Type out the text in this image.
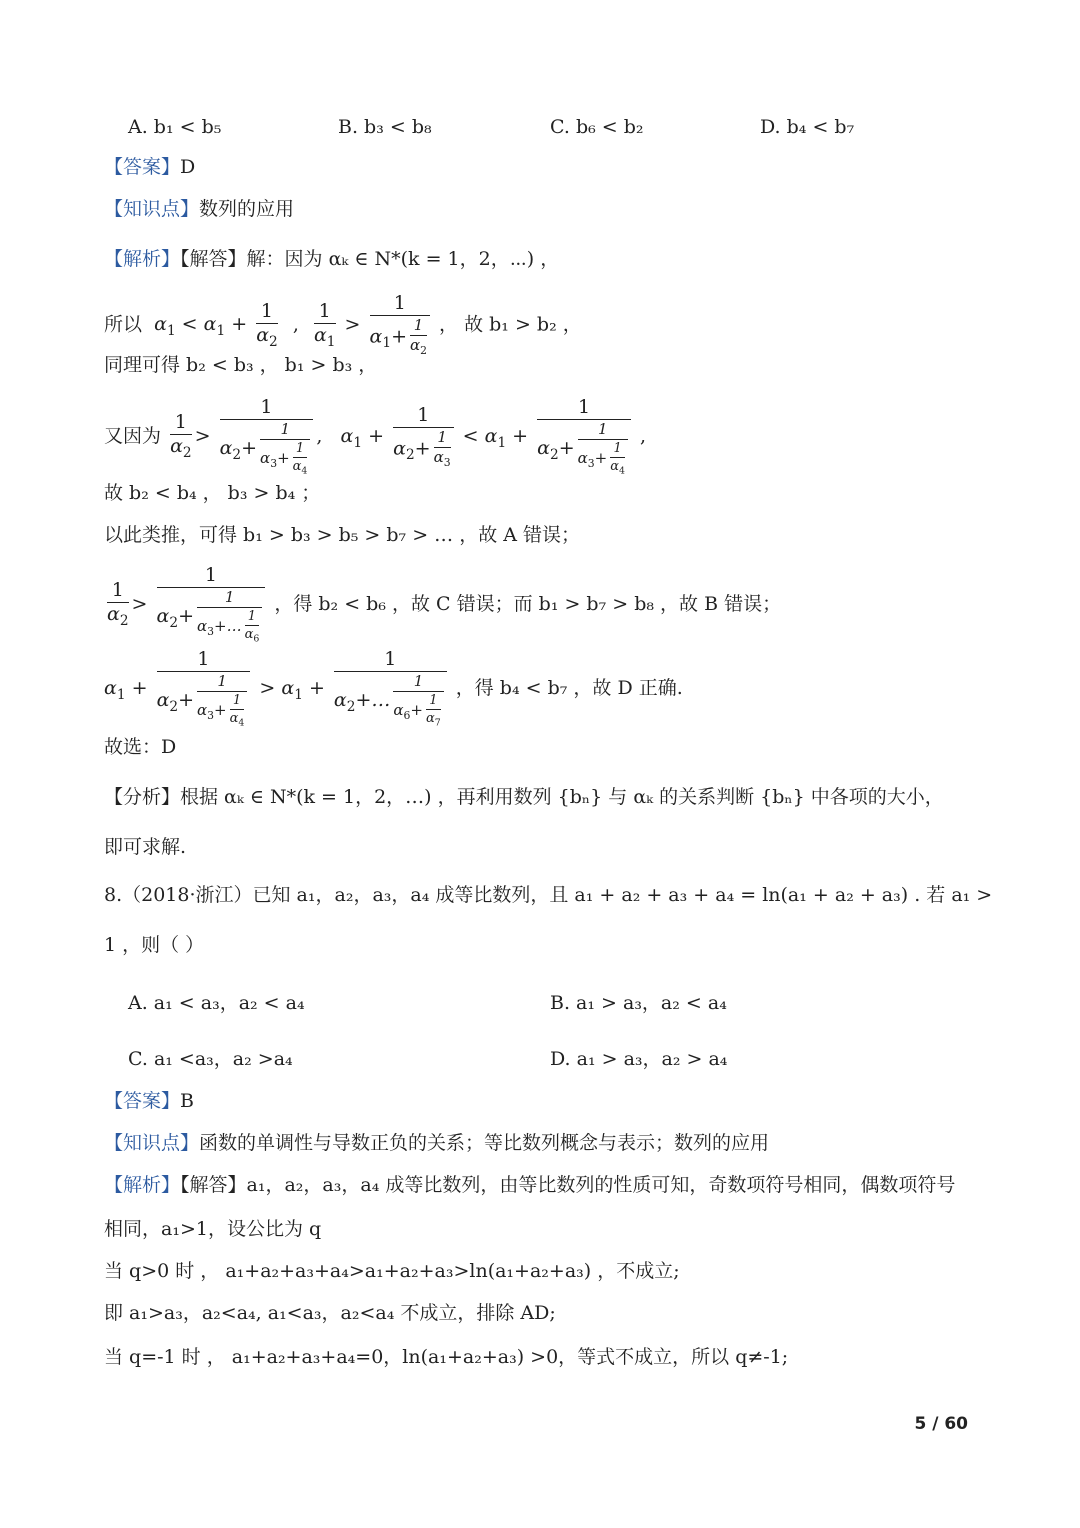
A. b₁ < b₅	B. b₃ < b₈	C. b₆ < b₂	D. b₄ < b₇
【答案】D
【知识点】数列的应用
【解析】【解答】解：因为 αₖ ∈ N*(k = 1，2，⋯) ，
所以  $\alpha_1 < \alpha_1 + \frac{1}{\alpha_2}$ , $\frac{1}{\alpha_1} > \frac{1}{\alpha_1+ \frac{1}{\alpha_2}}$ ， 故 b₁ > b₂ ，
同理可得 b₂ < b₃ ， b₁ > b₃ ，
又因为 $\frac{1}{\alpha_2} > \frac{1}{\alpha_2+ \frac{1}{\alpha_3+ \frac{1}{\alpha_4}}}$ ,   $\alpha_1 + \frac{1}{\alpha_2+ \frac{1}{\alpha_3}} < \alpha_1 + \frac{1}{\alpha_2+ \frac{1}{\alpha_3+ \frac{1}{\alpha_4}}}$ ,
故 b₂ < b₄ ， b₃ > b₄ ；
以此类推，可得 b₁ > b₃ > b₅ > b₇ > … ，故 A 错误；
$\frac{1}{\alpha_2} > \frac{1}{\alpha_2+ \frac{1}{\alpha_3+\dots \frac{1}{\alpha_6}}}$ ，得 b₂ < b₆ ，故 C 错误；而 b₁ > b₇ > b₈ ，故 B 错误；
$\alpha_1 + \frac{1}{\alpha_2+ \frac{1}{\alpha_3+ \frac{1}{\alpha_4}}} > \alpha_1 + \frac{1}{\alpha_2+\dots \frac{1}{\alpha_6+ \frac{1}{\alpha_7}}}$ ，得 b₄ < b₇ ，故 D 正确.
故选：D
【分析】根据 αₖ ∈ N*(k = 1，2，…) ，再利用数列 {bₙ} 与 αₖ 的关系判断 {bₙ} 中各项的大小，
即可求解.
8.（2018·浙江）已知 a₁，a₂，a₃，a₄ 成等比数列，且 a₁ + a₂ + a₃ + a₄ = ln(a₁ + a₂ + a₃) . 若 a₁ >
1 ，则（ ）
A. a₁ < a₃，a₂ < a₄	B. a₁ > a₃，a₂ < a₄
C. a₁ <a₃，a₂ >a₄	D. a₁ > a₃，a₂ > a₄
【答案】B
【知识点】函数的单调性与导数正负的关系；等比数列概念与表示；数列的应用
【解析】【解答】a₁，a₂，a₃，a₄ 成等比数列，由等比数列的性质可知，奇数项符号相同，偶数项符号
相同，a₁>1，设公比为 q
当 q>0 时 ， a₁+a₂+a₃+a₄>a₁+a₂+a₃>ln(a₁+a₂+a₃) ，不成立;
即 a₁>a₃，a₂<a₄, a₁<a₃，a₂<a₄ 不成立，排除 AD;
当 q=-1 时 ， a₁+a₂+a₃+a₄=0，ln(a₁+a₂+a₃) >0，等式不成立，所以 q≠-1;
5 / 60
